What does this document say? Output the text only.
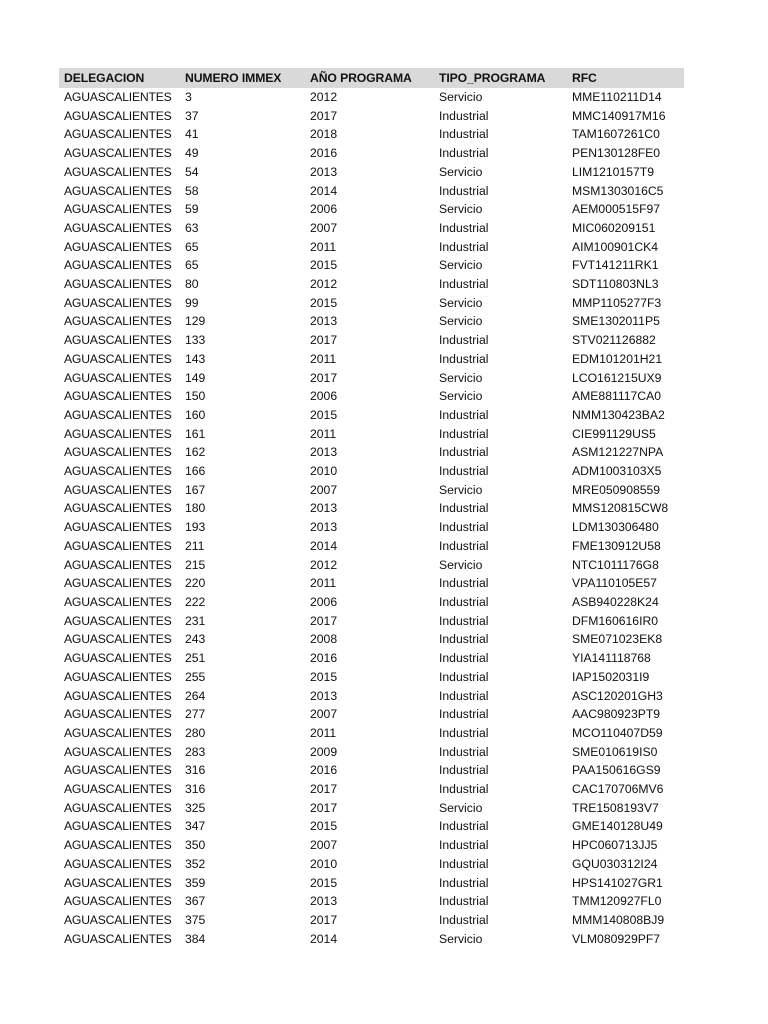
DELEGACION	NUMERO IMMEX	AÑO PROGRAMA	TIPO_PROGRAMA	RFC
AGUASCALIENTES	3	2012	Servicio	MME110211D14
AGUASCALIENTES	37	2017	Industrial	MMC140917M16
AGUASCALIENTES	41	2018	Industrial	TAM1607261C0
AGUASCALIENTES	49	2016	Industrial	PEN130128FE0
AGUASCALIENTES	54	2013	Servicio	LIM1210157T9
AGUASCALIENTES	58	2014	Industrial	MSM1303016C5
AGUASCALIENTES	59	2006	Servicio	AEM000515F97
AGUASCALIENTES	63	2007	Industrial	MIC060209151
AGUASCALIENTES	65	2011	Industrial	AIM100901CK4
AGUASCALIENTES	65	2015	Servicio	FVT141211RK1
AGUASCALIENTES	80	2012	Industrial	SDT110803NL3
AGUASCALIENTES	99	2015	Servicio	MMP1105277F3
AGUASCALIENTES	129	2013	Servicio	SME1302011P5
AGUASCALIENTES	133	2017	Industrial	STV021126882
AGUASCALIENTES	143	2011	Industrial	EDM101201H21
AGUASCALIENTES	149	2017	Servicio	LCO161215UX9
AGUASCALIENTES	150	2006	Servicio	AME881117CA0
AGUASCALIENTES	160	2015	Industrial	NMM130423BA2
AGUASCALIENTES	161	2011	Industrial	CIE991129US5
AGUASCALIENTES	162	2013	Industrial	ASM121227NPA
AGUASCALIENTES	166	2010	Industrial	ADM1003103X5
AGUASCALIENTES	167	2007	Servicio	MRE050908559
AGUASCALIENTES	180	2013	Industrial	MMS120815CW8
AGUASCALIENTES	193	2013	Industrial	LDM130306480
AGUASCALIENTES	211	2014	Industrial	FME130912U58
AGUASCALIENTES	215	2012	Servicio	NTC1011176G8
AGUASCALIENTES	220	2011	Industrial	VPA110105E57
AGUASCALIENTES	222	2006	Industrial	ASB940228K24
AGUASCALIENTES	231	2017	Industrial	DFM160616IR0
AGUASCALIENTES	243	2008	Industrial	SME071023EK8
AGUASCALIENTES	251	2016	Industrial	YIA141118768
AGUASCALIENTES	255	2015	Industrial	IAP1502031I9
AGUASCALIENTES	264	2013	Industrial	ASC120201GH3
AGUASCALIENTES	277	2007	Industrial	AAC980923PT9
AGUASCALIENTES	280	2011	Industrial	MCO110407D59
AGUASCALIENTES	283	2009	Industrial	SME010619IS0
AGUASCALIENTES	316	2016	Industrial	PAA150616GS9
AGUASCALIENTES	316	2017	Industrial	CAC170706MV6
AGUASCALIENTES	325	2017	Servicio	TRE1508193V7
AGUASCALIENTES	347	2015	Industrial	GME140128U49
AGUASCALIENTES	350	2007	Industrial	HPC060713JJ5
AGUASCALIENTES	352	2010	Industrial	GQU030312I24
AGUASCALIENTES	359	2015	Industrial	HPS141027GR1
AGUASCALIENTES	367	2013	Industrial	TMM120927FL0
AGUASCALIENTES	375	2017	Industrial	MMM140808BJ9
AGUASCALIENTES	384	2014	Servicio	VLM080929PF7
